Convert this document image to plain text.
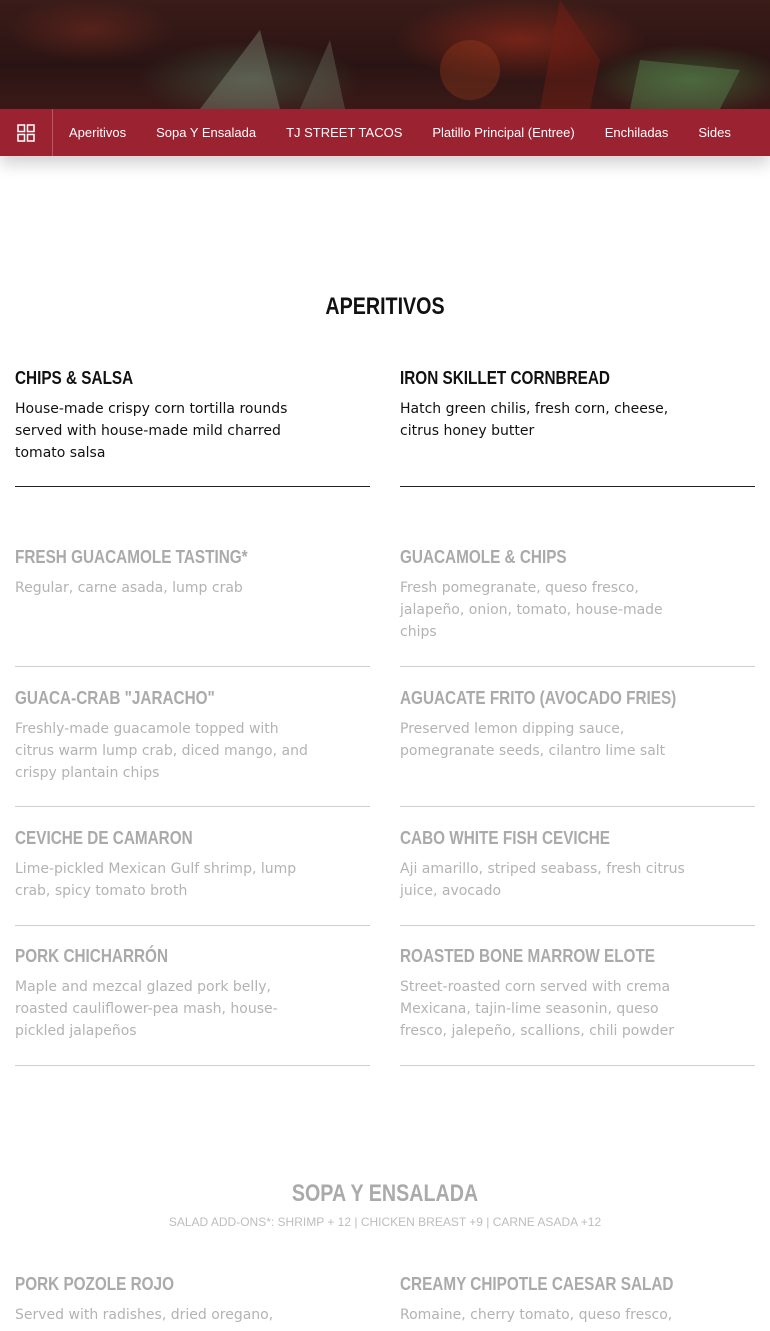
Aperitivos Sopa Y Ensalada TJ STREET TACOS Platillo Principal (Entree) Enchiladas Sides
APERITIVOS
CHIPS & SALSA
House-made crispy corn tortilla rounds served with house-made mild charred tomato salsa
IRON SKILLET CORNBREAD
Hatch green chilis, fresh corn, cheese, citrus honey butter
FRESH GUACAMOLE TASTING*
Regular, carne asada, lump crab
GUACAMOLE & CHIPS
Fresh pomegranate, queso fresco, jalapeño, onion, tomato, house-made chips
GUACA-CRAB "JARACHO"
Freshly-made guacamole topped with citrus warm lump crab, diced mango, and crispy plantain chips
AGUACATE FRITO (AVOCADO FRIES)
Preserved lemon dipping sauce, pomegranate seeds, cilantro lime salt
CEVICHE DE CAMARON
Lime-pickled Mexican Gulf shrimp, lump crab, spicy tomato broth
CABO WHITE FISH CEVICHE
Aji amarillo, striped seabass, fresh citrus juice, avocado
PORK CHICHARRÓN
Maple and mezcal glazed pork belly, roasted cauliflower-pea mash, house-pickled jalapeños
ROASTED BONE MARROW ELOTE
Street-roasted corn served with crema Mexicana, tajin-lime seasonin, queso fresco, jalepeño, scallions, chili powder
SOPA Y ENSALADA
SALAD ADD-ONS*: SHRIMP + 12 | CHICKEN BREAST +9 | CARNE ASADA +12
PORK POZOLE ROJO
Served with radishes, dried oregano,
CREAMY CHIPOTLE CAESAR SALAD
Romaine, cherry tomato, queso fresco,
